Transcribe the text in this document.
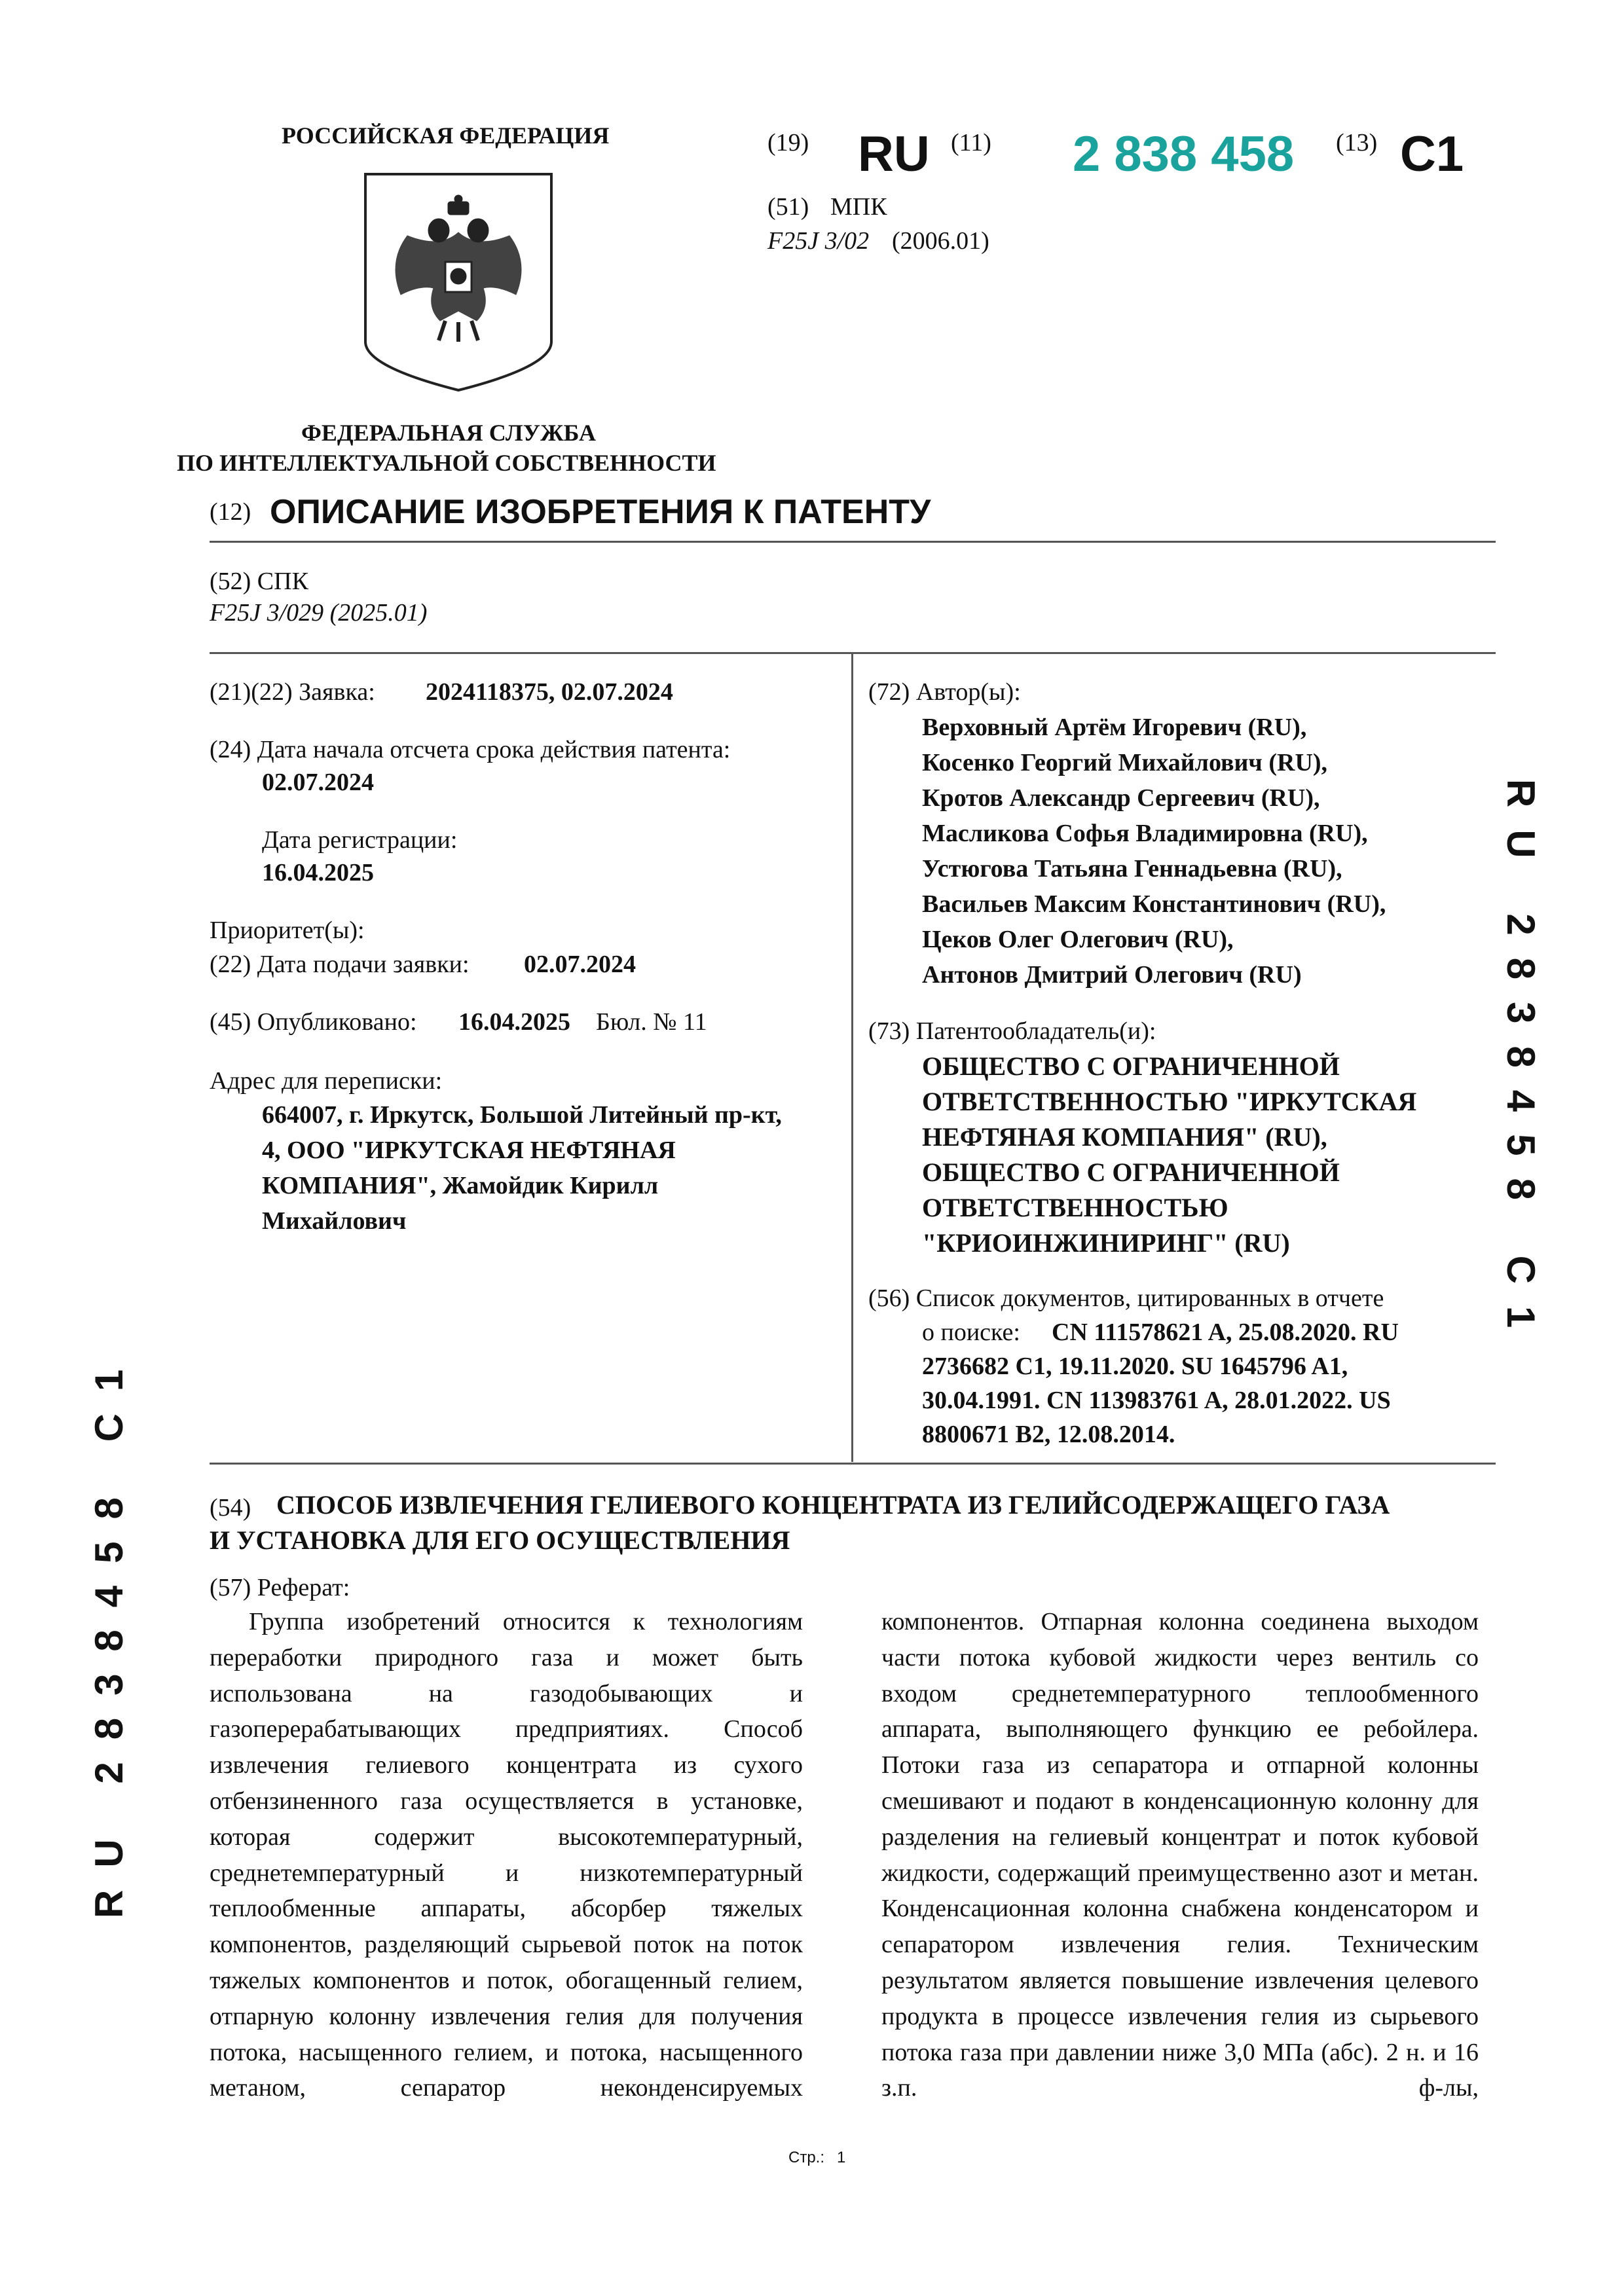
РОССИЙСКАЯ ФЕДЕРАЦИЯ
ФЕДЕРАЛЬНАЯ СЛУЖБА
ПО ИНТЕЛЛЕКТУАЛЬНОЙ СОБСТВЕННОСТИ
(19) RU (11) 2 838 458 (13) C1
(51) МПК
F25J 3/02 (2006.01)
(12) ОПИСАНИЕ ИЗОБРЕТЕНИЯ К ПАТЕНТУ
(52) СПК
F25J 3/029 (2025.01)
(21)(22) Заявка: 2024118375, 02.07.2024
(24) Дата начала отсчета срока действия патента:
02.07.2024
Дата регистрации:
16.04.2025
Приоритет(ы):
(22) Дата подачи заявки: 02.07.2024
(45) Опубликовано: 16.04.2025 Бюл. № 11
Адрес для переписки:
664007, г. Иркутск, Большой Литейный пр-кт,
4, ООО "ИРКУТСКАЯ НЕФТЯНАЯ
КОМПАНИЯ", Жамойдик Кирилл
Михайлович
(72) Автор(ы):
Верховный Артём Игоревич (RU),
Косенко Георгий Михайлович (RU),
Кротов Александр Сергеевич (RU),
Масликова Софья Владимировна (RU),
Устюгова Татьяна Геннадьевна (RU),
Васильев Максим Константинович (RU),
Цеков Олег Олегович (RU),
Антонов Дмитрий Олегович (RU)
(73) Патентообладатель(и):
ОБЩЕСТВО С ОГРАНИЧЕННОЙ
ОТВЕТСТВЕННОСТЬЮ "ИРКУТСКАЯ
НЕФТЯНАЯ КОМПАНИЯ" (RU),
ОБЩЕСТВО С ОГРАНИЧЕННОЙ
ОТВЕТСТВЕННОСТЬЮ
"КРИОИНЖИНИРИНГ" (RU)
(56) Список документов, цитированных в отчете
о поиске: CN 111578621 A, 25.08.2020. RU
2736682 C1, 19.11.2020. SU 1645796 A1,
30.04.1991. CN 113983761 A, 28.01.2022. US
8800671 B2, 12.08.2014.
(54) СПОСОБ ИЗВЛЕЧЕНИЯ ГЕЛИЕВОГО КОНЦЕНТРАТА ИЗ ГЕЛИЙСОДЕРЖАЩЕГО ГАЗА
И УСТАНОВКА ДЛЯ ЕГО ОСУЩЕСТВЛЕНИЯ
(57) Реферат:
Группа изобретений относится к технологиям переработки природного газа и может быть использована на газодобывающих и газоперерабатывающих предприятиях. Способ извлечения гелиевого концентрата из сухого отбензиненного газа осуществляется в установке, которая содержит высокотемпературный, среднетемпературный и низкотемпературный теплообменные аппараты, абсорбер тяжелых компонентов, разделяющий сырьевой поток на поток тяжелых компонентов и поток, обогащенный гелием, отпарную колонну извлечения гелия для получения потока, насыщенного гелием, и потока, насыщенного метаном, сепаратор неконденсируемых
компонентов. Отпарная колонна соединена выходом части потока кубовой жидкости через вентиль со входом среднетемпературного теплообменного аппарата, выполняющего функцию ее ребойлера. Потоки газа из сепаратора и отпарной колонны смешивают и подают в конденсационную колонну для разделения на гелиевый концентрат и поток кубовой жидкости, содержащий преимущественно азот и метан. Конденсационная колонна снабжена конденсатором и сепаратором извлечения гелия. Техническим результатом является повышение извлечения целевого продукта в процессе извлечения гелия из сырьевого потока газа при давлении ниже 3,0 МПа (абс). 2 н. и 16 з.п. ф-лы,
RU 2838458 C1
RU 2838458 C1
Стр.: 1
